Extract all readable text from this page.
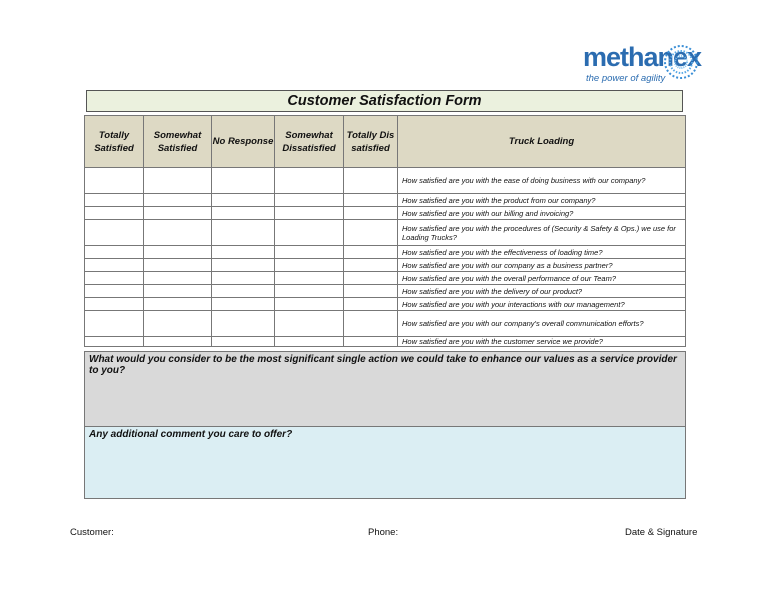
methanex
the power of agility
Customer Satisfaction Form
Totally Satisfied	Somewhat Satisfied	No Response	Somewhat Dissatisfied	Totally Dis satisfied	Truck Loading
					How satisfied are you with the ease of doing business with our company?
					How satisfied are you with the product from our company?
					How satisfied are you with our billing and invoicing?
					How satisfied are you with the procedures of (Security & Safety & Ops.) we use for Loading Trucks?
					How satisfied are you with the effectiveness of loading time?
					How satisfied are you with our company as a business partner?
					How satisfied are you with the overall performance of our Team?
					How satisfied are you with the delivery of our product?
					How satisfied are you with your interactions with our management?
					How satisfied are you with our company's overall communication efforts?
					How satisfied are you with the customer service we provide?
What would you consider to be the most significant single action we could take to enhance our values as a service provider to you?
Any additional comment you care to offer?
Customer:	Phone:	Date & Signature
